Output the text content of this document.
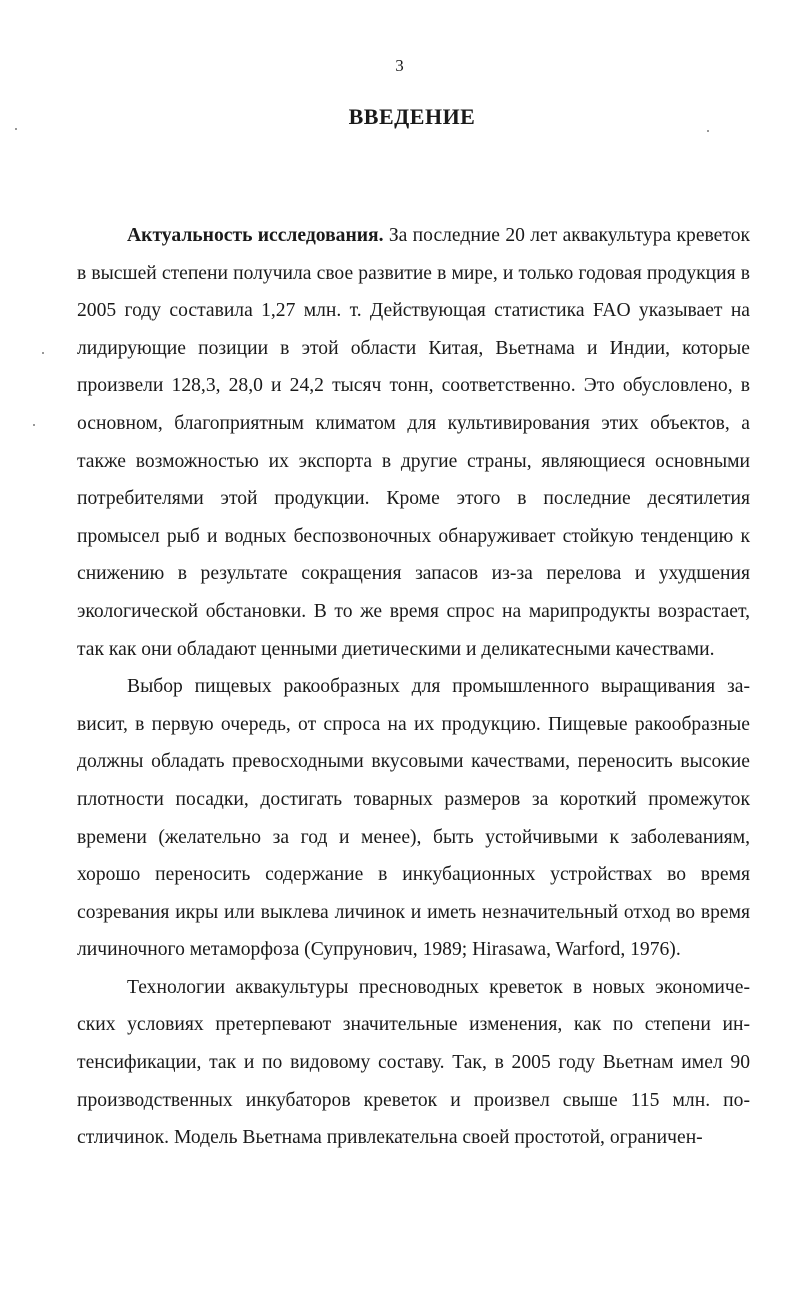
3
ВВЕДЕНИЕ

Актуальность исследования. За последние 20 лет аквакультура креветок в высшей степени получила свое развитие в мире, и только годовая продукция в 2005 году составила 1,27 млн. т. Действующая статистика FAO указывает на лидирующие позиции в этой области Китая, Вьетнама и Индии, которые произвели 128,3, 28,0 и 24,2 тысяч тонн, соответственно. Это обусловлено, в основном, благоприятным климатом для культивирования этих объектов, а также возможностью их экспорта в другие страны, являющиеся основными потребителями этой продукции. Кроме этого в последние десятилетия промысел рыб и водных беспозвоночных обнаруживает стойкую тенденцию к снижению в результате сокращения запасов из-за перелова и ухудшения экологической обстановки. В то же время спрос на марипродукты возрастает, так как они обладают ценными диетическими и деликатесными качествами.

Выбор пищевых ракообразных для промышленного выращивания зависит, в первую очередь, от спроса на их продукцию. Пищевые ракообразные должны обладать превосходными вкусовыми качествами, переносить высокие плотности посадки, достигать товарных размеров за короткий промежуток времени (желательно за год и менее), быть устойчивыми к заболеваниям, хорошо переносить содержание в инкубационных устройствах во время созревания икры или выклева личинок и иметь незначительный отход во время личиночного метаморфоза (Супрунович, 1989; Hirasawa, Warford, 1976).

Технологии аквакультуры пресноводных креветок в новых экономических условиях претерпевают значительные изменения, как по степени интенсификации, так и по видовому составу. Так, в 2005 году Вьетнам имел 90 производственных инкубаторов креветок и произвел свыше 115 млн. постличинок. Модель Вьетнама привлекательна своей простотой, ограничен-
